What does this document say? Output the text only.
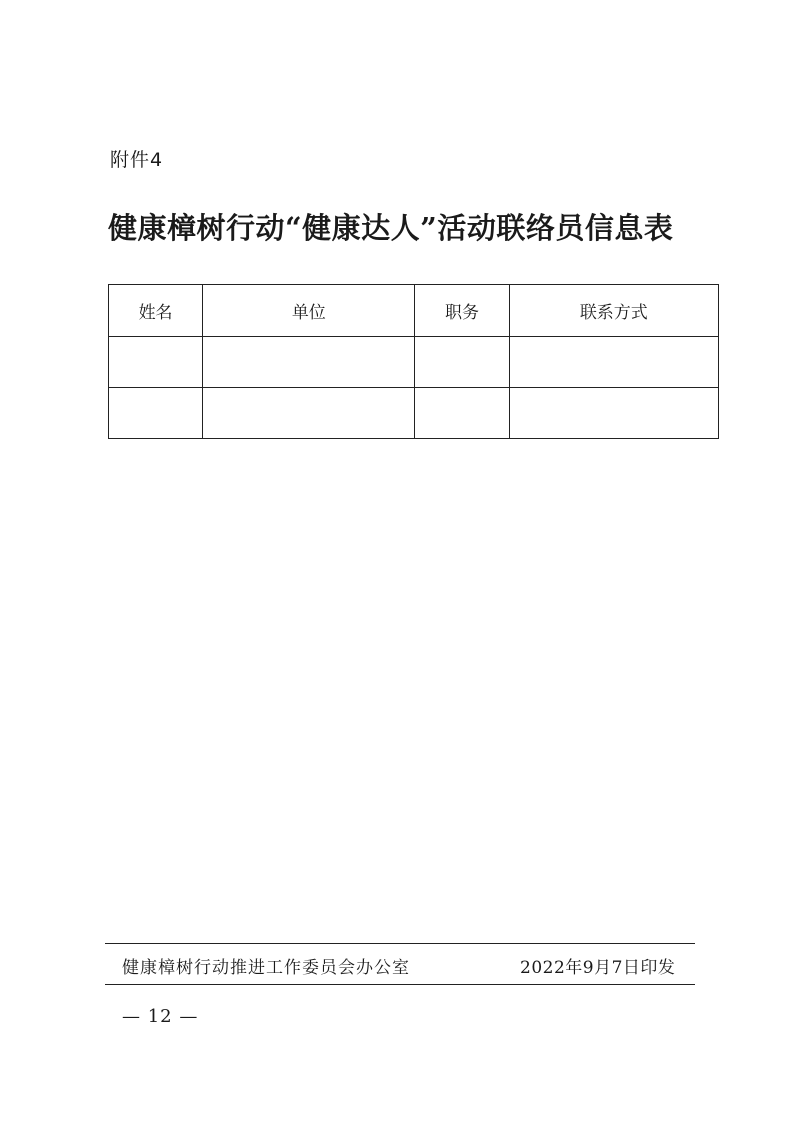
附件4
健康樟树行动“健康达人”活动联络员信息表
姓名	单位	职务	联系方式

健康樟树行动推进工作委员会办公室	2022年9月7日印发
— 12 —
